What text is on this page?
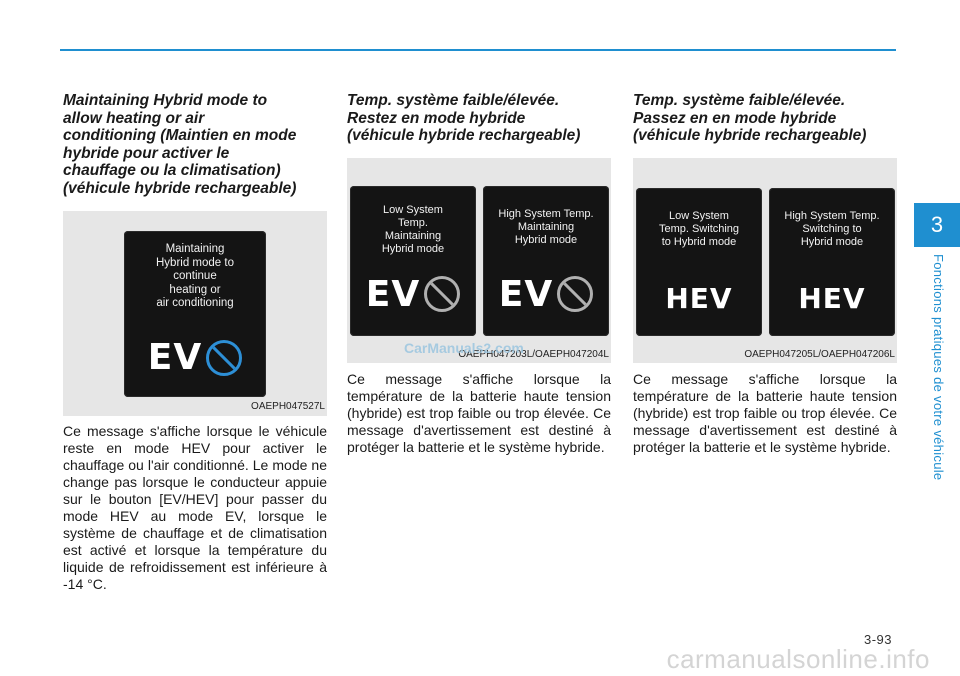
Maintaining Hybrid mode to
allow heating or air
conditioning (Maintien en mode
hybride pour activer le
chauffage ou la climatisation)
(véhicule hybride rechargeable)

Maintaining
Hybrid mode to
continue
heating or
air conditioning
EV
OAEPH047527L

Ce message s'affiche lorsque le véhicule reste en mode HEV pour activer le chauffage ou l'air conditionné. Le mode ne change pas lorsque le conducteur appuie sur le bouton [EV/HEV] pour passer du mode HEV au mode EV, lorsque le système de chauffage et de climatisation est activé et lorsque la température du liquide de refroidissement est inférieure à -14 °C.

Temp. système faible/élevée.
Restez en mode hybride
(véhicule hybride rechargeable)

Low System
Temp.
Maintaining
Hybrid mode
EV
High System Temp.
Maintaining
Hybrid mode
EV
OAEPH047203L/OAEPH047204L

Ce message s'affiche lorsque la température de la batterie haute tension (hybride) est trop faible ou trop élevée. Ce message d'avertissement est destiné à protéger la batterie et le système hybride.

Temp. système faible/élevée.
Passez en en mode hybride
(véhicule hybride rechargeable)

Low System
Temp. Switching
to Hybrid mode
HEV
High System Temp.
Switching to
Hybrid mode
HEV
OAEPH047205L/OAEPH047206L

Ce message s'affiche lorsque la température de la batterie haute tension (hybride) est trop faible ou trop élevée. Ce message d'avertissement est destiné à protéger la batterie et le système hybride.

CarManuals2.com
3
Fonctions pratiques de votre véhicule
3-93
carmanualsonline.info
